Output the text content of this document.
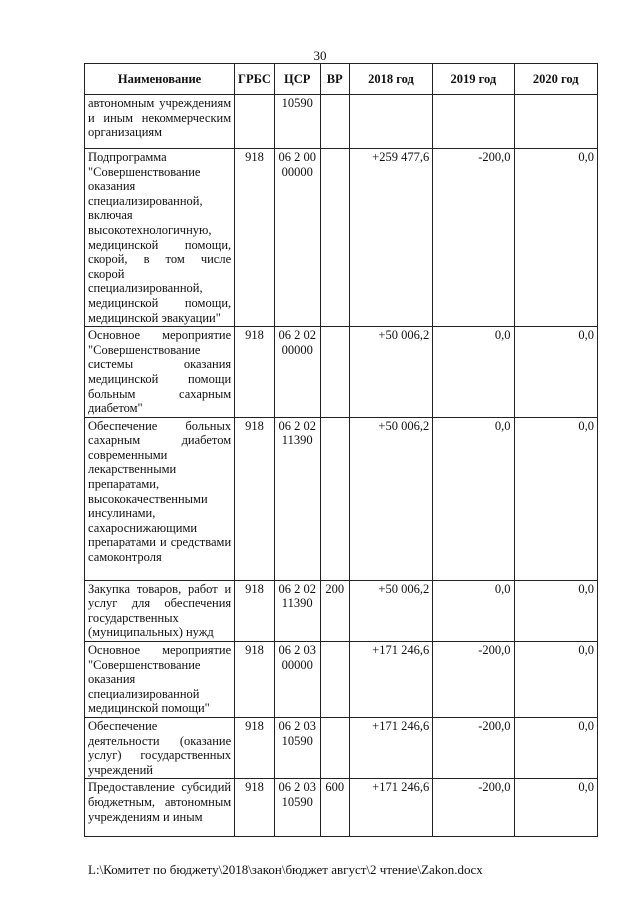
30
Наименование	ГРБС	ЦСР	ВР	2018 год	2019 год	2020 год
автономным учреждениям и иным некоммерческим организациям		10590				
Подпрограмма "Совершенствование оказания специализированной, включая высокотехнологичную, медицинской помощи, скорой, в том числе скорой специализированной, медицинской помощи, медицинской эвакуации"	918	06 2 00 00000		+259 477,6	-200,0	0,0
Основное мероприятие "Совершенствование системы оказания медицинской помощи больным сахарным диабетом"	918	06 2 02 00000		+50 006,2	0,0	0,0
Обеспечение больных сахарным диабетом современными лекарственными препаратами, высококачественными инсулинами, сахароснижающими препаратами и средствами самоконтроля	918	06 2 02 11390		+50 006,2	0,0	0,0
Закупка товаров, работ и услуг для обеспечения государственных (муниципальных) нужд	918	06 2 02 11390	200	+50 006,2	0,0	0,0
Основное мероприятие "Совершенствование оказания специализированной медицинской помощи"	918	06 2 03 00000		+171 246,6	-200,0	0,0
Обеспечение деятельности (оказание услуг) государственных учреждений	918	06 2 03 10590		+171 246,6	-200,0	0,0
Предоставление субсидий бюджетным, автономным учреждениям и иным	918	06 2 03 10590	600	+171 246,6	-200,0	0,0
L:\Комитет по бюджету\2018\закон\бюджет август\2 чтение\Zakon.docx
